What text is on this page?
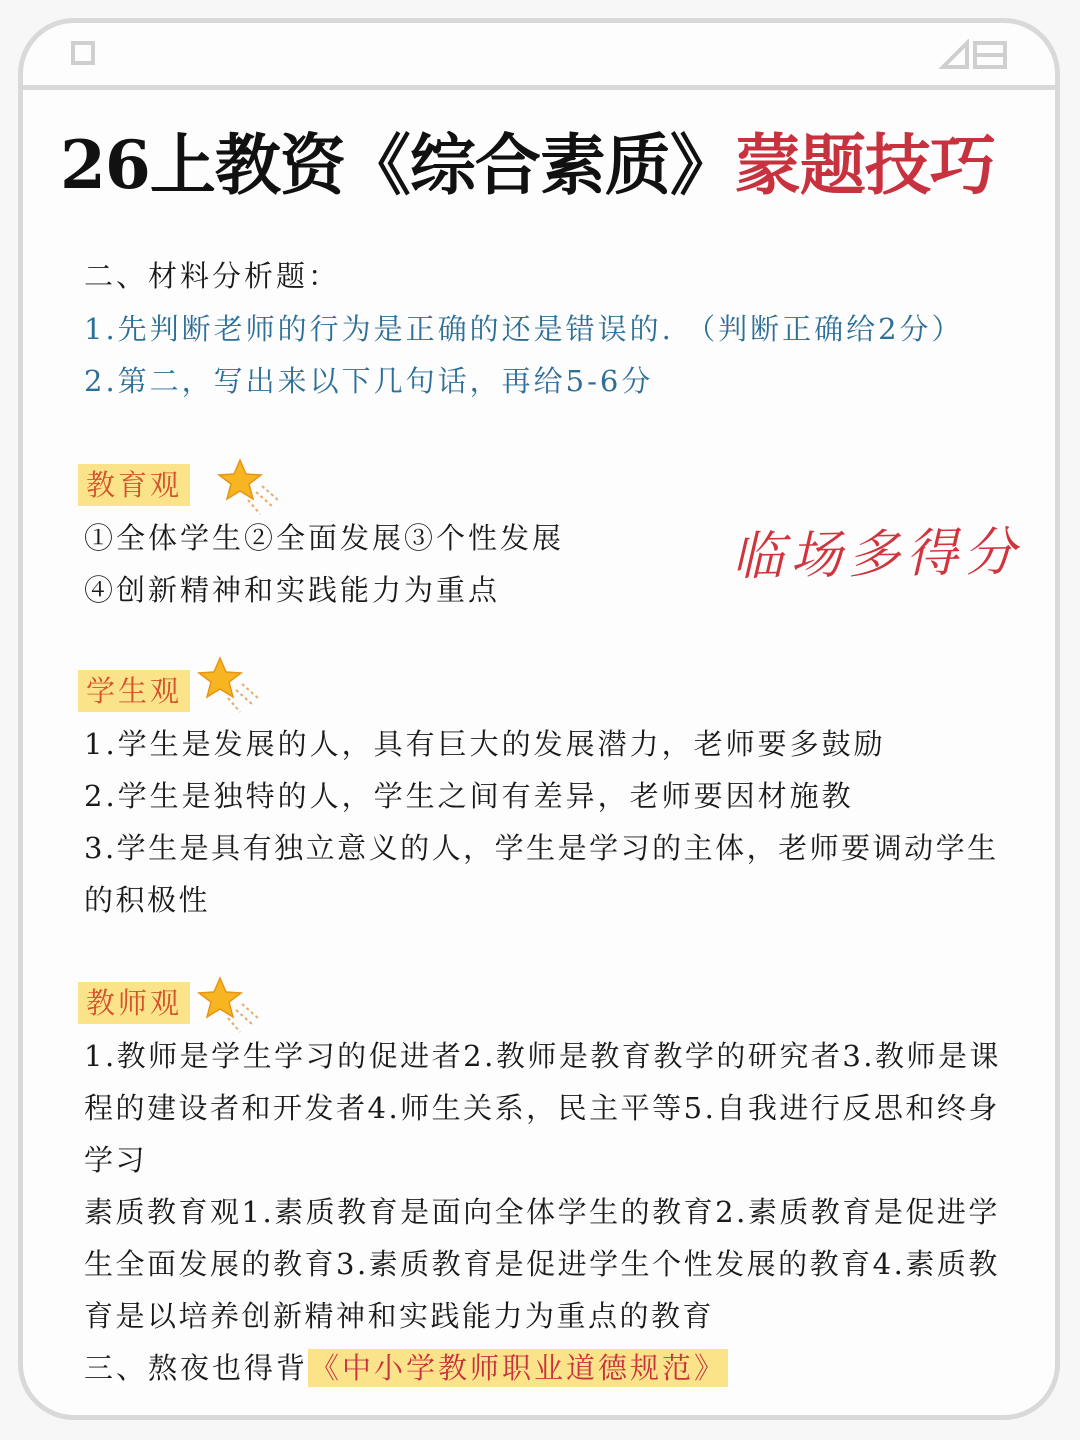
26上教资《综合素质》蒙题技巧

二、材料分析题：

1.先判断老师的行为是正确的还是错误的. （判断正确给2分）

2.第二，写出来以下几句话，再给5-6分

教育观

①全体学生②全面发展③个性发展

④创新精神和实践能力为重点

临场多得分

学生观

1.学生是发展的人，具有巨大的发展潜力，老师要多鼓励

2.学生是独特的人，学生之间有差异，老师要因材施教

3.学生是具有独立意义的人，学生是学习的主体，老师要调动学生的积极性

教师观

1.教师是学生学习的促进者2.教师是教育教学的研究者3.教师是课程的建设者和开发者4.师生关系，民主平等5.自我进行反思和终身学习

素质教育观1.素质教育是面向全体学生的教育2.素质教育是促进学生全面发展的教育3.素质教育是促进学生个性发展的教育4.素质教育是以培养创新精神和实践能力为重点的教育

三、熬夜也得背《中小学教师职业道德规范》
